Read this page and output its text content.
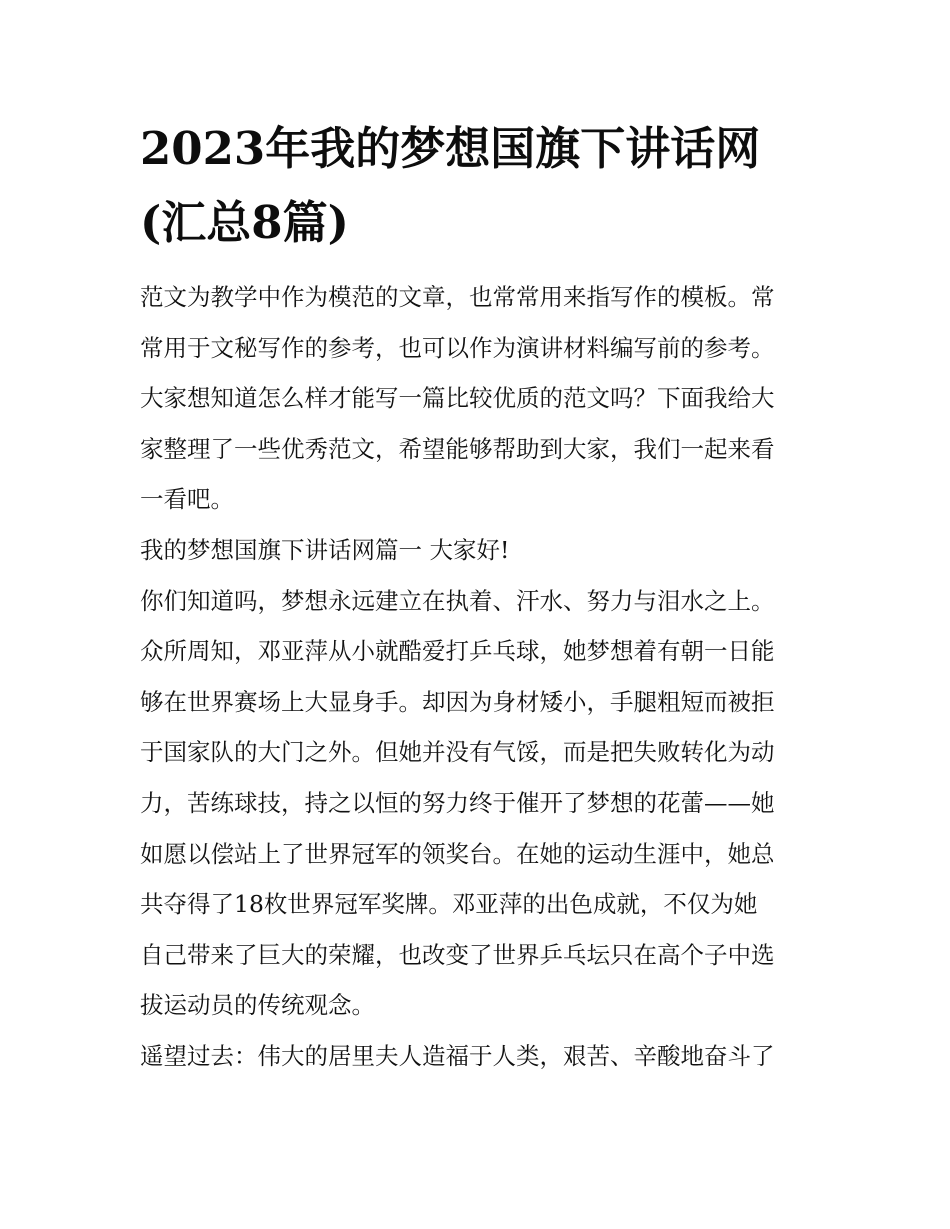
2023年我的梦想国旗下讲话网
(汇总8篇)

范文为教学中作为模范的文章，也常常用来指写作的模板。常
常用于文秘写作的参考，也可以作为演讲材料编写前的参考。
大家想知道怎么样才能写一篇比较优质的范文吗？下面我给大
家整理了一些优秀范文，希望能够帮助到大家，我们一起来看
一看吧。

我的梦想国旗下讲话网篇一 大家好!

你们知道吗，梦想永远建立在执着、汗水、努力与泪水之上。
众所周知，邓亚萍从小就酷爱打乒乓球，她梦想着有朝一日能
够在世界赛场上大显身手。却因为身材矮小，手腿粗短而被拒
于国家队的大门之外。但她并没有气馁，而是把失败转化为动
力，苦练球技，持之以恒的努力终于催开了梦想的花蕾——她
如愿以偿站上了世界冠军的领奖台。在她的运动生涯中，她总
共夺得了18枚世界冠军奖牌。邓亚萍的出色成就，不仅为她
自己带来了巨大的荣耀，也改变了世界乒乓坛只在高个子中选
拔运动员的传统观念。

遥望过去：伟大的居里夫人造福于人类，艰苦、辛酸地奋斗了
